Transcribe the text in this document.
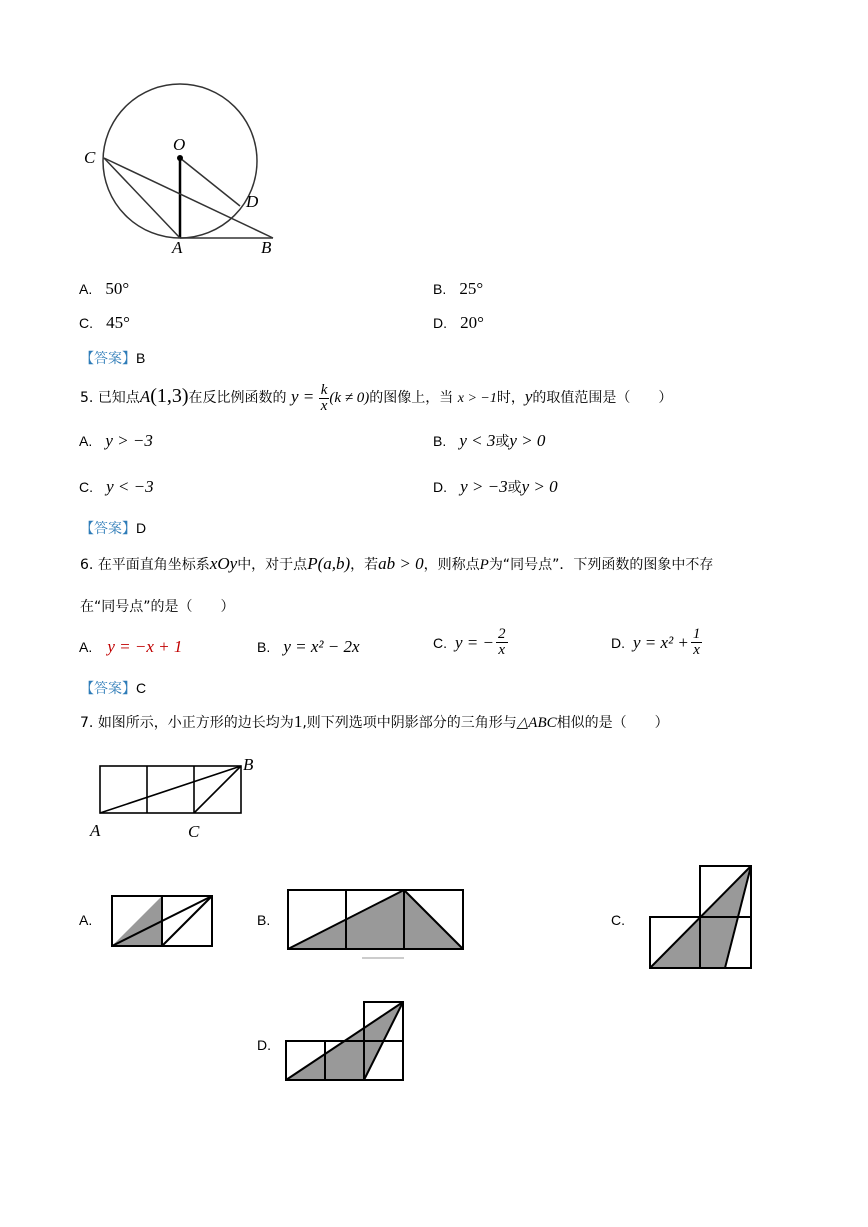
C
O
D
A	B
A. 50°	B. 25°
C. 45°	D. 20°
【答案】B
5. 已知点A(1,3)在反比例函数的 $y = \frac{k}{x} (k \ne 0)$的图像上，当 x > −1时，y的取值范围是（　　）
A. y > −3	B. y < 3或y > 0
C. y < −3	D. y > −3或y > 0
【答案】D
6. 在平面直角坐标系xOy中，对于点P(a,b)，若ab > 0，则称点P为“同号点”．下列函数的图象中不存
在“同号点”的是（　　）
A. y = −x + 1	B. y = x² − 2x	C. y = − $\frac{2}{x}$	D. $y = x^2 + \frac{1}{x}$
【答案】C
7. 如图所示，小正方形的边长均为1,则下列选项中阴影部分的三角形与△ABC相似的是（　　）
B
A	C
A.	B.	C.
D.
